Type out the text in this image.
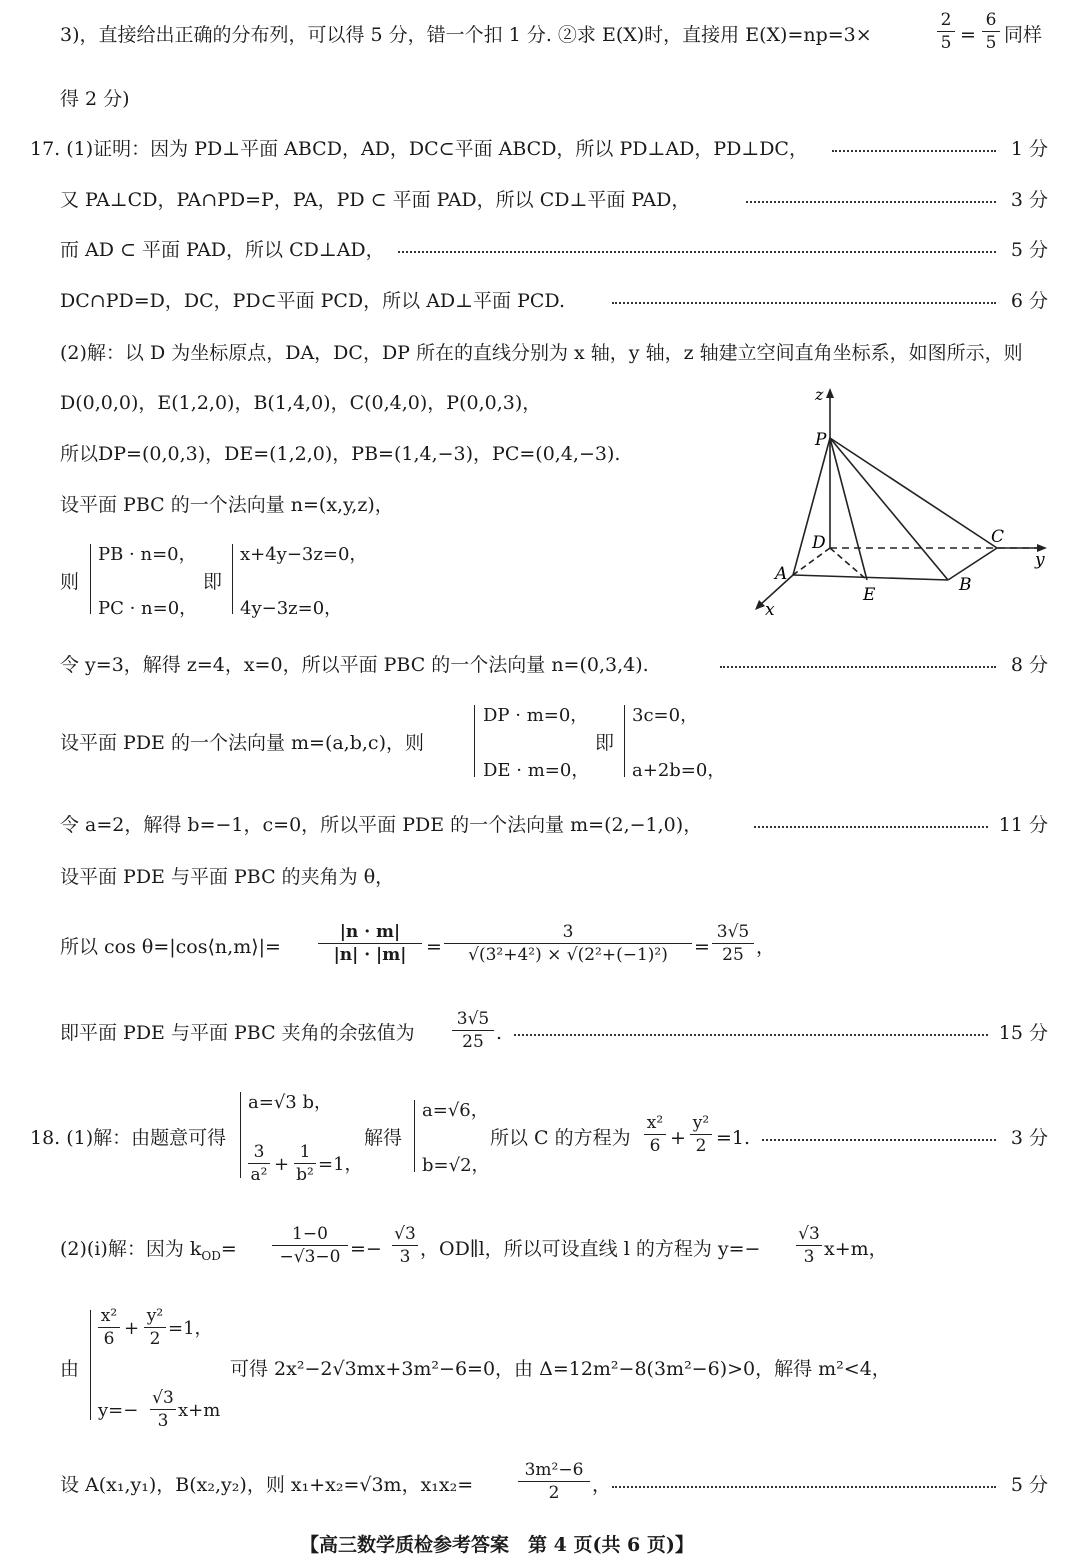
3)，直接给出正确的分布列，可以得 5 分，错一个扣 1 分. ②求 E(X)时，直接用 E(X)=np=3×
2
5 =
6
5 同样
得 2 分)
17. (1)证明：因为 PD⊥平面 ABCD，AD，DC⊂平面 ABCD，所以 PD⊥AD，PD⊥DC，	1 分
又 PA⊥CD，PA∩PD=P，PA，PD ⊂ 平面 PAD，所以 CD⊥平面 PAD，	3 分
而 AD ⊂ 平面 PAD，所以 CD⊥AD，	5 分
DC∩PD=D，DC，PD⊂平面 PCD，所以 AD⊥平面 PCD.	6 分
(2)解：以 D 为坐标原点，DA，DC，DP 所在的直线分别为 x 轴，y 轴，z 轴建立空间直角坐标系，如图所示，则
D(0,0,0)，E(1,2,0)，B(1,4,0)，C(0,4,0)，P(0,0,3)，
所以DP=(0,0,3)，DE=(1,2,0)，PB=(1,4,−3)，PC=(0,4,−3).
设平面 PBC 的一个法向量 n=(x,y,z)，
则
PB · n=0，
PC · n=0，
即
x+4y−3z=0，
4y−3z=0，
z
y
x
P
D	C
A
E	B
令 y=3，解得 z=4，x=0，所以平面 PBC 的一个法向量 n=(0,3,4).	8 分
设平面 PDE 的一个法向量 m=(a,b,c)，则
DP · m=0，
DE · m=0，
即
3c=0，
a+2b=0，
令 a=2，解得 b=−1，c=0，所以平面 PDE 的一个法向量 m=(2,−1,0)，	11 分
设平面 PDE 与平面 PBC 的夹角为 θ，
所以 cos θ=|cos⟨n,m⟩|=
|n · m|
|n| · |m|	=
3
√(3²+4²) × √(2²+(−1)²)	=
3√5
25 ，
即平面 PDE 与平面 PBC 夹角的余弦值为
3√5
25 .	15 分
18. (1)解：由题意可得
a=√3 b，
3
a² +
1
b² =1，
解得
a=√6，
b=√2，
所以 C 的方程为
x²
6 +
y²
2 =1.	3 分
(2)(i)解：因为 $k_{OD}=$
1−0
−√3−0 =−
√3
3 ，OD∥l，所以可设直线 l 的方程为 y=−
√3
3 x+m，
由
x²
6 +
y²
2 =1，
y=−
√3
3 x+m
可得 2x²−2√3mx+3m²−6=0，由 Δ=12m²−8(3m²−6)>0，解得 m²<4，
设 A(x₁,y₁)，B(x₂,y₂)，则 x₁+x₂=√3m，x₁x₂=
3m²−6
2	，	5 分
【高三数学质检参考答案　第 4 页(共 6 页)】
